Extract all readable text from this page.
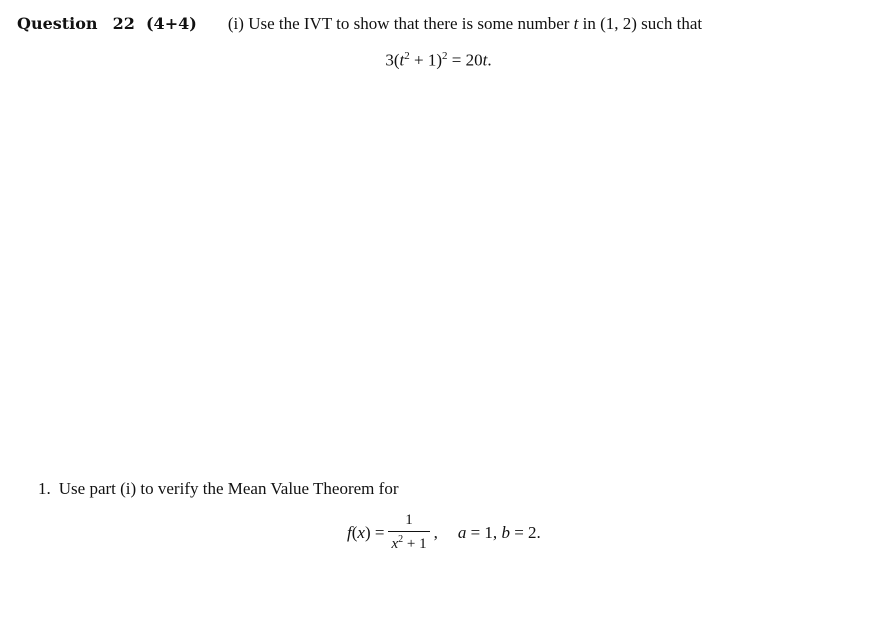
Question 22 (4+4) (i) Use the IVT to show that there is some number t in (1, 2) such that
$3(t^2 + 1)^2 = 20t$.
1. Use part (i) to verify the Mean Value Theorem for
f ( x ) = $\frac{1}{x^2 + 1}$ , a = 1, b = 2.
